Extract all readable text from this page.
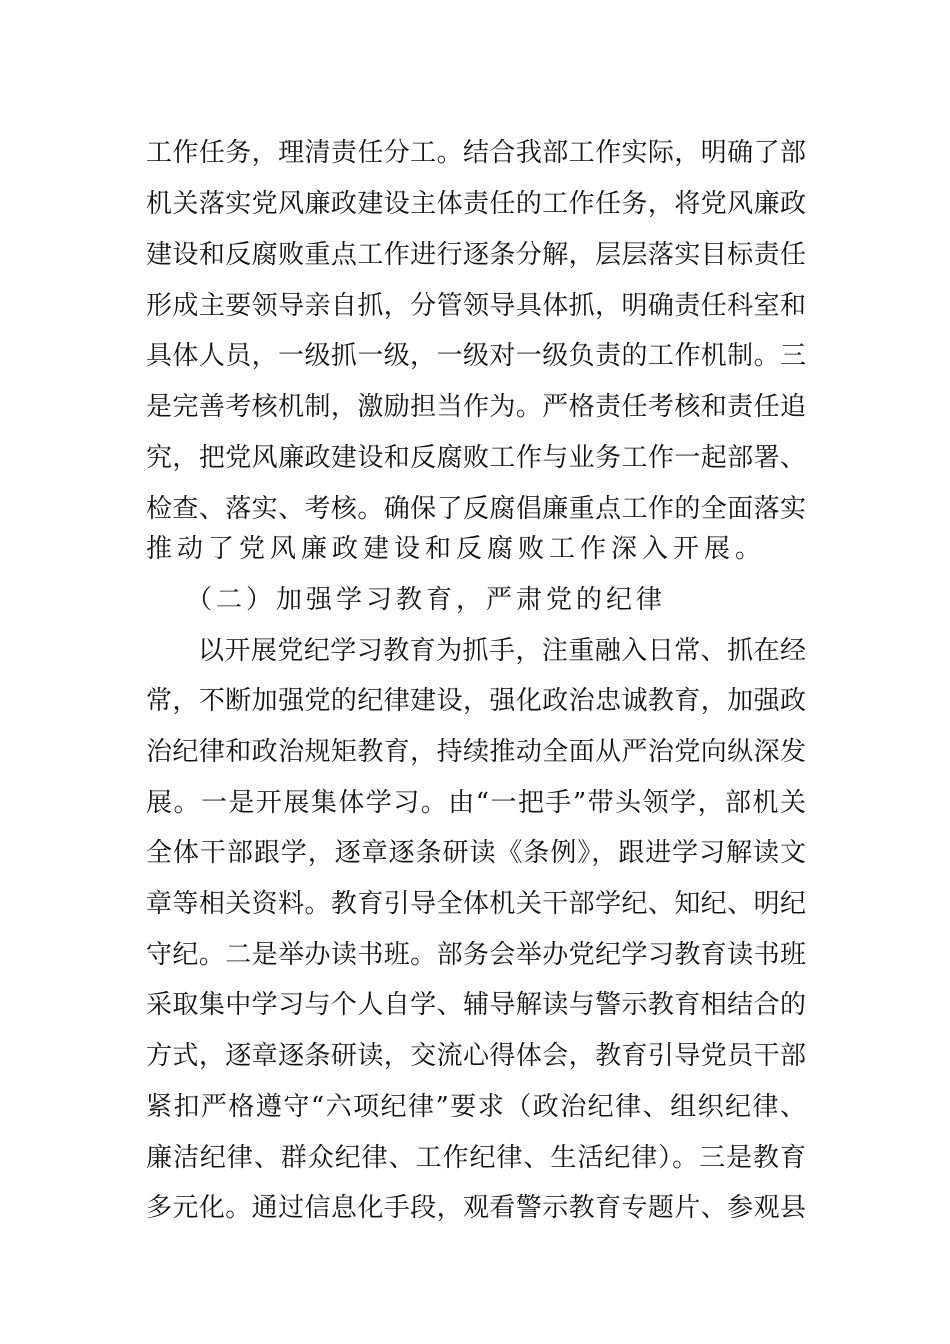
工作任务，理清责任分工。结合我部工作实际，明确了部
机关落实党风廉政建设主体责任的工作任务，将党风廉政
建设和反腐败重点工作进行逐条分解，层层落实目标责任
形成主要领导亲自抓，分管领导具体抓，明确责任科室和
具体人员，一级抓一级，一级对一级负责的工作机制。三
是完善考核机制，激励担当作为。严格责任考核和责任追
究，把党风廉政建设和反腐败工作与业务工作一起部署、
检查、落实、考核。确保了反腐倡廉重点工作的全面落实
推动了党风廉政建设和反腐败工作深入开展。
（二）加强学习教育，严肃党的纪律
以开展党纪学习教育为抓手，注重融入日常、抓在经
常，不断加强党的纪律建设，强化政治忠诚教育，加强政
治纪律和政治规矩教育，持续推动全面从严治党向纵深发
展。一是开展集体学习。由“一把手”带头领学，部机关
全体干部跟学，逐章逐条研读《条例》，跟进学习解读文
章等相关资料。教育引导全体机关干部学纪、知纪、明纪
守纪。二是举办读书班。部务会举办党纪学习教育读书班
采取集中学习与个人自学、辅导解读与警示教育相结合的
方式，逐章逐条研读，交流心得体会，教育引导党员干部
紧扣严格遵守“六项纪律”要求（政治纪律、组织纪律、
廉洁纪律、群众纪律、工作纪律、生活纪律）。三是教育
多元化。通过信息化手段，观看警示教育专题片、参观县
